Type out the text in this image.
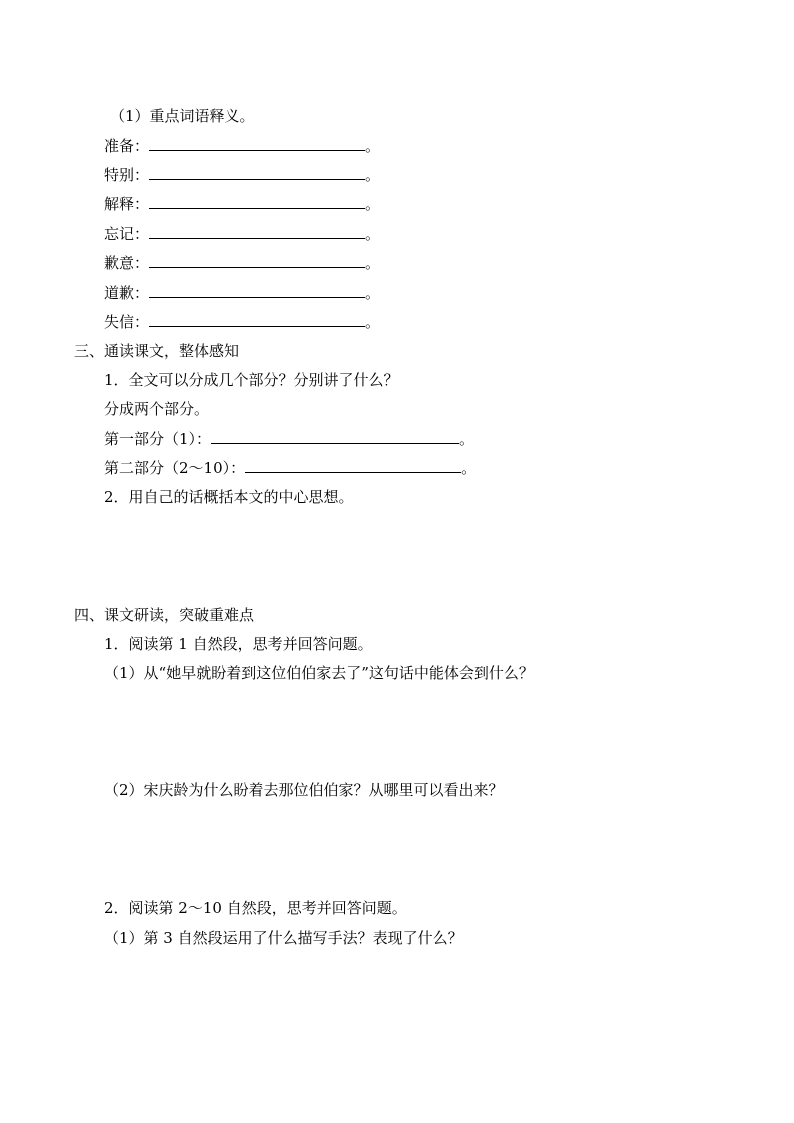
（1）重点词语释义。
准备：	。
特别：	。
解释：	。
忘记：	。
歉意：	。
道歉：	。
失信：	。
三、通读课文，整体感知
1．全文可以分成几个部分？分别讲了什么？
分成两个部分。
第一部分（1）：	。
第二部分（2～10）：	。
2．用自己的话概括本文的中心思想。
四、课文研读，突破重难点
1．阅读第 1 自然段，思考并回答问题。
（1）从“她早就盼着到这位伯伯家去了”这句话中能体会到什么？
（2）宋庆龄为什么盼着去那位伯伯家？从哪里可以看出来？
2．阅读第 2～10 自然段，思考并回答问题。
（1）第 3 自然段运用了什么描写手法？表现了什么？
